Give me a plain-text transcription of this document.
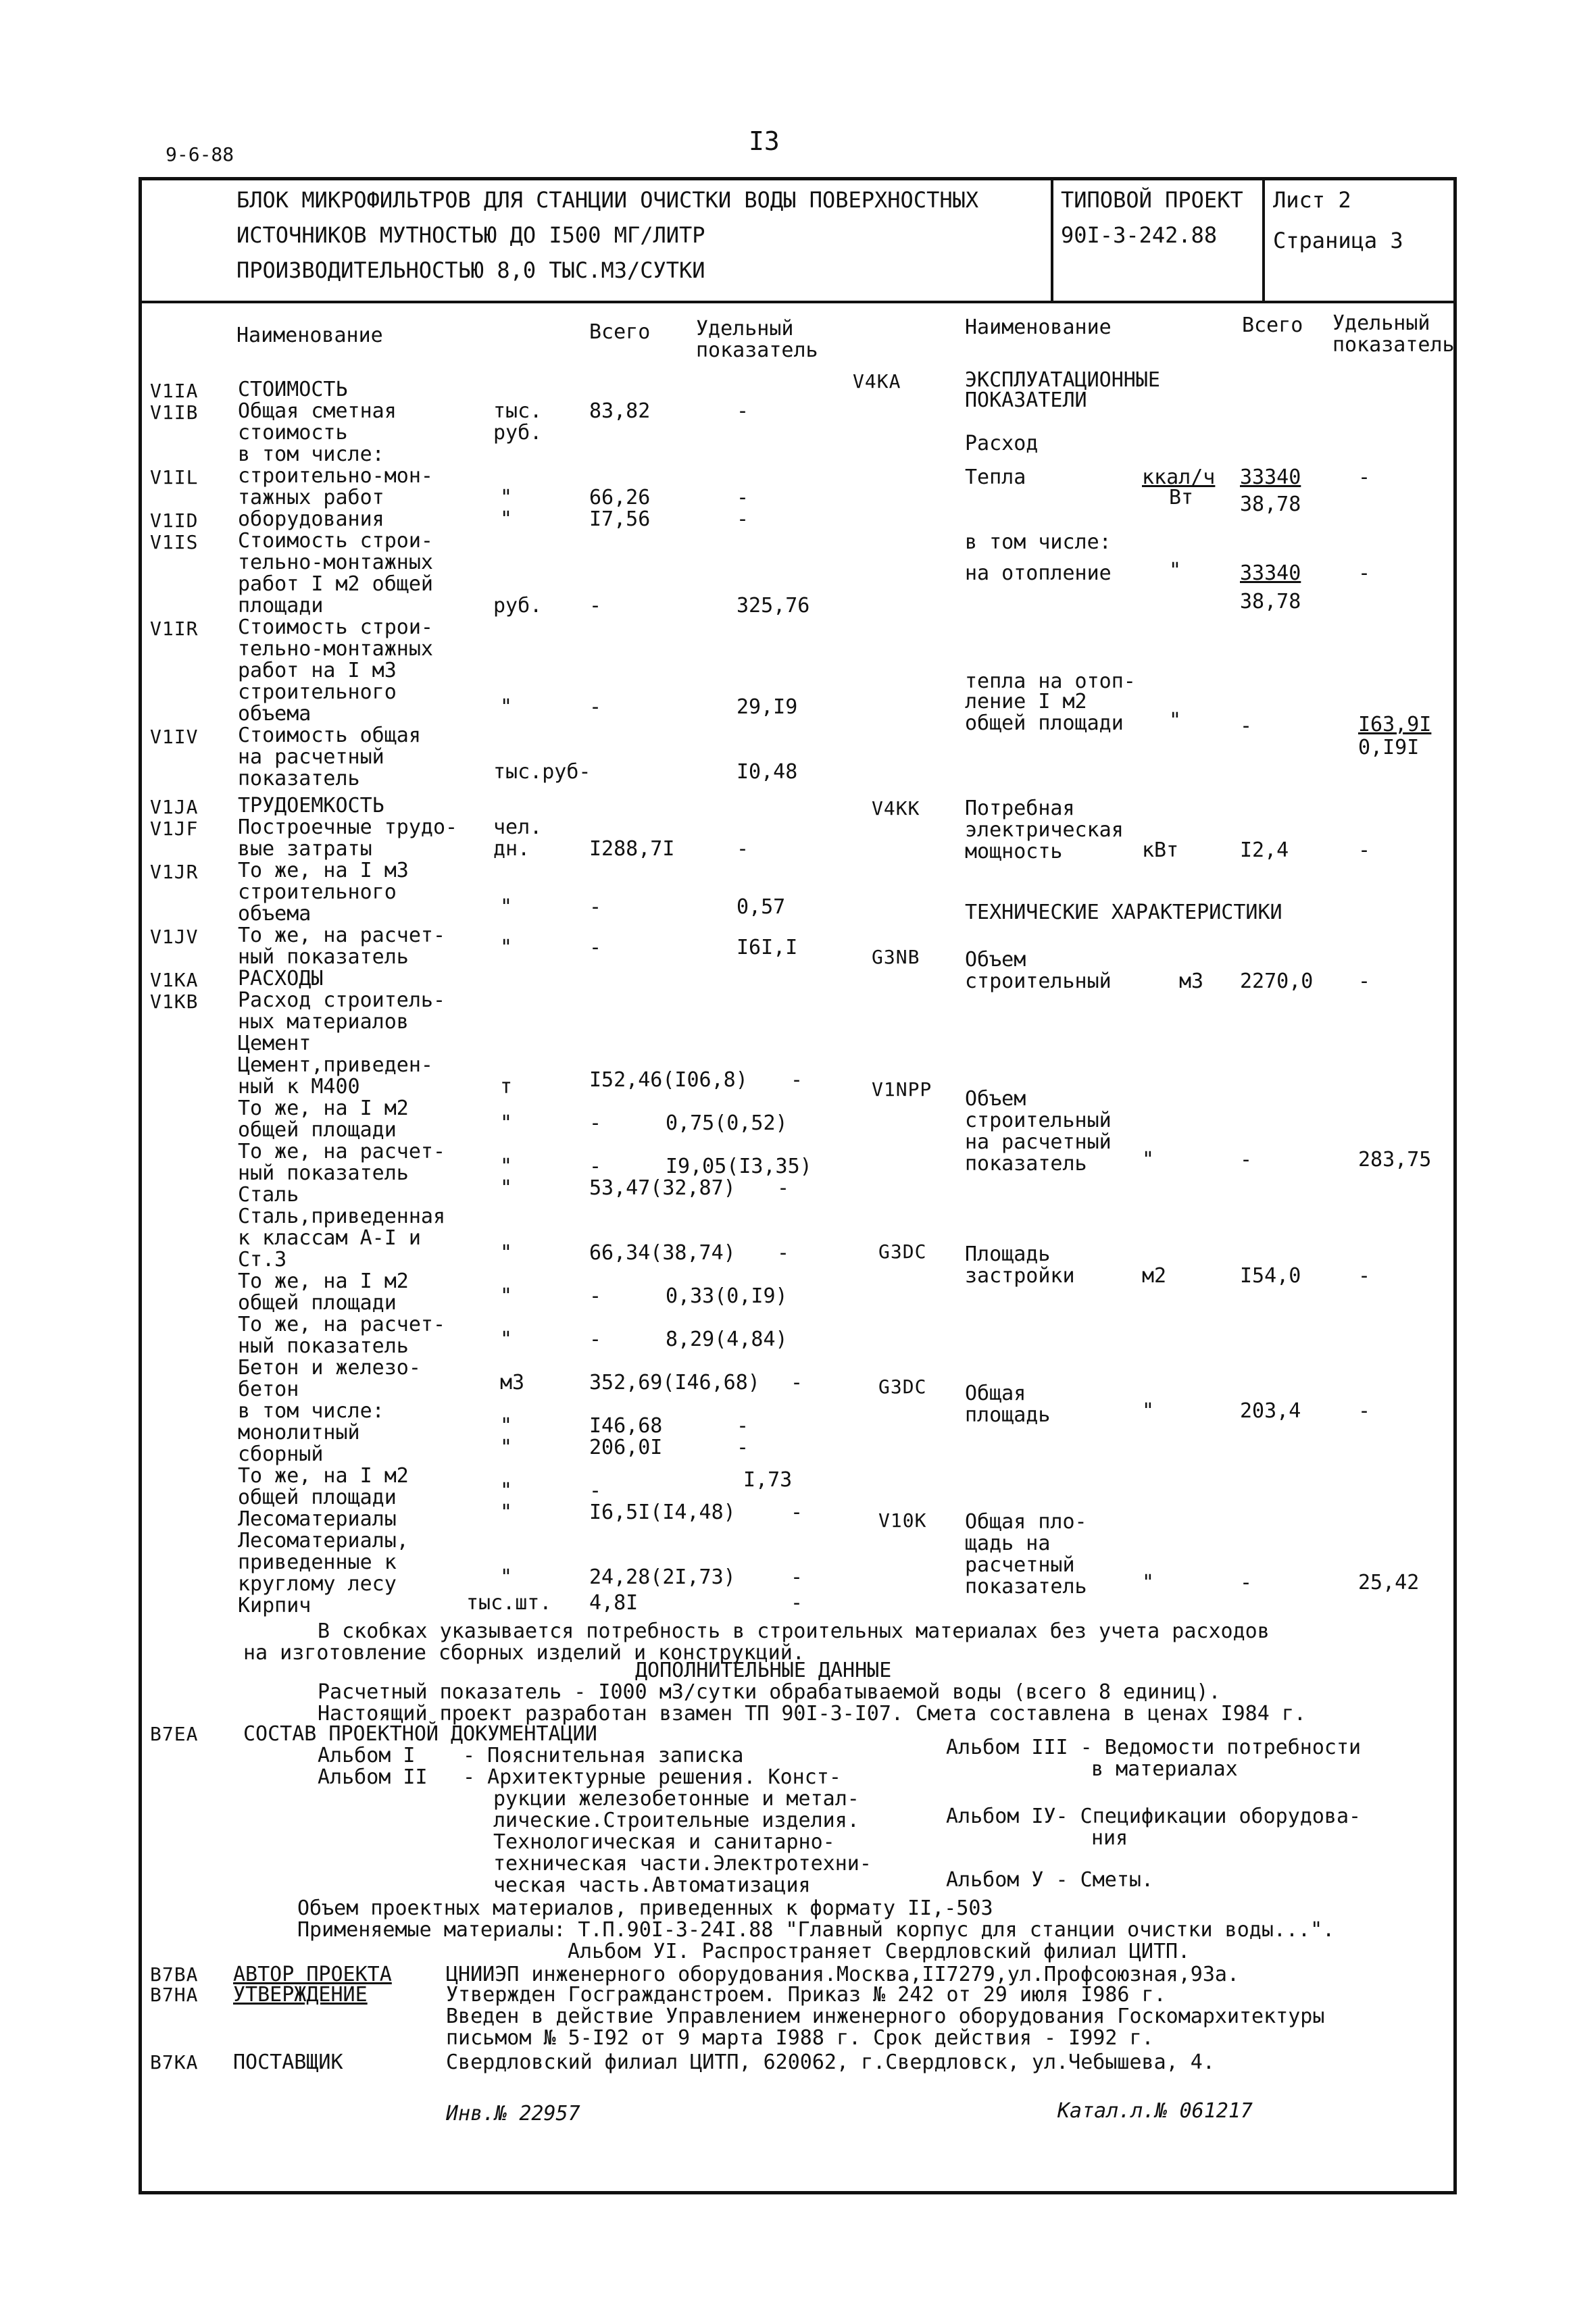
9-6-88	I3
БЛОК МИКРОФИЛЬТРОВ ДЛЯ СТАНЦИИ ОЧИСТКИ ВОДЫ ПОВЕРХНОСТНЫХ
ИСТОЧНИКОВ МУТНОСТЬЮ ДО I500 МГ/ЛИТР
ПРОИЗВОДИТЕЛЬНОСТЬЮ 8,0 ТЫС.М3/СУТКИ
ТИПОВОЙ ПРОЕКТ
90I-3-242.88
Лист 2
Страница 3
Наименование	Всего Удельный
показатель
Наименование	Всего Удельный
показатель
V1IA
V1IB
V1IL
V1ID
V1IS
V1IR
V1IV
V1JA
V1JF
V1JR
V1JV
V1KA
V1KB
СТОИМОСТЬ
Общая сметная	тыс. 83,82	-
стоимость	руб.
в том числе:
строительно-мон-
тажных работ	"	66,26	-
оборудования	"	I7,56	-
Стоимость строи-
тельно-монтажных
работ I м2 общей
площади	руб. -	325,76
Стоимость строи-
тельно-монтажных
работ на I м3
строительного
объема	"	-	29,I9
Стоимость общая
на расчетный
показатель	тыс.руб-	I0,48
ТРУДОЕМКОСТЬ
Построечные трудо- чел.
вые затраты	дн.	I288,7I	-
То же, на I м3
строительного
объема	"	-	0,57
То же, на расчет-
ный показатель	"	-	I6I,I
РАСХОДЫ
Расход строитель-
ных материалов
Цемент
Цемент,приведен-
ный к М400	т	I52,46(I06,8) -
То же, на I м2
общей площади	"	-	0,75(0,52)
То же, на расчет-
ный показатель	"	-	I9,05(I3,35)
Сталь	"	53,47(32,87) -
Сталь,приведенная
к классам А-I и
Ст.3	"	66,34(38,74) -
То же, на I м2
общей площади	"	-	0,33(0,I9)
То же, на расчет-
ный показатель	"	-	8,29(4,84)
Бетон и железо-
бетон	м3	352,69(I46,68) -
в том числе:
монолитный	"	I46,68	-
сборный	"	206,0I	-
То же, на I м2	I,73
общей площади	"	-
Лесоматериалы	"	I6,5I(I4,48)	-
Лесоматериалы,
приведенные к
круглому лесу	"	24,28(2I,73)	-
Кирпич	тыс.шт. 4,8I	-
V4KA
V4KK
G3NB
V1NPP
G3DC
G3DC
V10K
ЭКСПЛУАТАЦИОННЫЕ
ПОКАЗАТЕЛИ
Расход
Тепла	ккал/ч
Вт
33340
38,78
-
в том числе:
на отопление	"	33340
38,78
-
тепла на отоп-
ление I м2
общей площади "	-	I63,9I
0,I9I
Потребная
электрическая
мощность	кВт	I2,4	-
ТЕХНИЧЕСКИЕ ХАРАКТЕРИСТИКИ
Объем
строительный	м3 2270,0 -
Объем
строительный
на расчетный
показатель	"	-	283,75
Площадь
застройки	м2	I54,0	-
Общая
площадь	"	203,4	-
Общая пло-
щадь на
расчетный
показатель	"	-	25,42
В скобках указывается потребность в строительных материалах без учета расходов
на изготовление сборных изделий и конструкций.
ДОПОЛНИТЕЛЬНЫЕ ДАННЫЕ
Расчетный показатель - I000 м3/сутки обрабатываемой воды (всего 8 единиц).
Настоящий проект разработан взамен ТП 90I-3-I07. Смета составлена в ценах I984 г.
B7EA СОСТАВ ПРОЕКТНОЙ ДОКУМЕНТАЦИИ
Альбом I - Пояснительная записка
Альбом II - Архитектурные решения. Конст-
рукции железобетонные и метал-
лические.Строительные изделия.
Технологическая и санитарно-
техническая части.Электротехни-
ческая часть.Автоматизация
Альбом III - Ведомости потребности
в материалах
Альбом IУ- Спецификации оборудова-
ния
Альбом У - Сметы.
Объем проектных материалов, приведенных к формату II,-503
Применяемые материалы: Т.П.90I-3-24I.88 "Главный корпус для станции очистки воды...".
Альбом УI. Распространяет Свердловский филиал ЦИТП.
B7BA АВТОР ПРОЕКТА	ЦНИИЭП инженерного оборудования.Москва,II7279,ул.Профсоюзная,93а.
B7HA УТВЕРЖДЕНИЕ	Утвержден Госгражданстроем. Приказ № 242 от 29 июля I986 г.
Введен в действие Управлением инженерного оборудования Госкомархитектуры
письмом № 5-I92 от 9 марта I988 г. Срок действия - I992 г.
B7KA ПОСТАВЩИК	Свердловский филиал ЦИТП, 620062, г.Свердловск, ул.Чебышева, 4.
Инв.№ 22957	Катал.л.№ 061217
